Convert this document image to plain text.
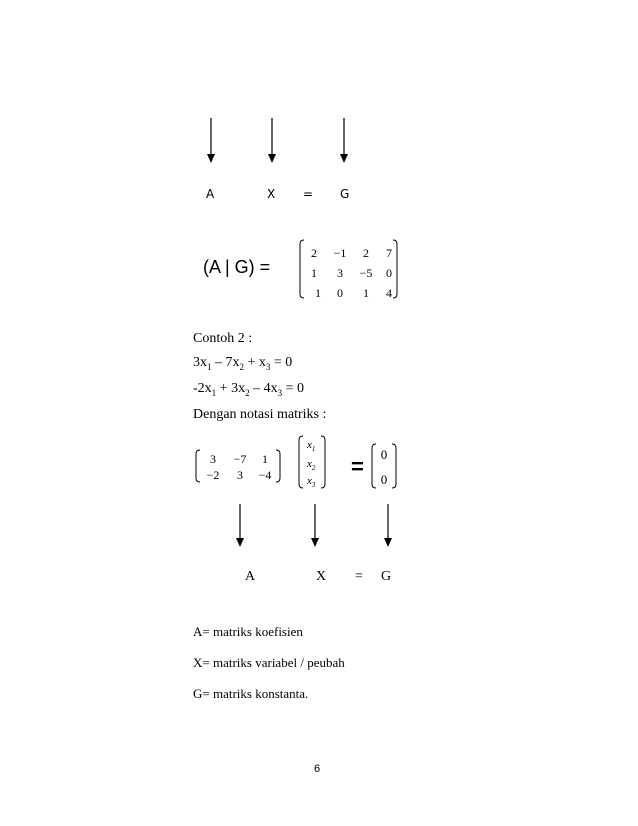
A	X = G
(A | G) =
2	−1	2	7
1	3	−5	0
1	0	1	4
Contoh 2 :
$3x_1 - 7x_2 + x_3 = 0$
$-2x_1 + 3x_2 - 4x_3 = 0$
Dengan notasi matriks :
3	−7	1
−2	3	−4
$x_1$
$x_2$
$x_3$
=	0
0
A	X = G
A= matriks koefisien
X= matriks variabel / peubah
G= matriks konstanta.
6
